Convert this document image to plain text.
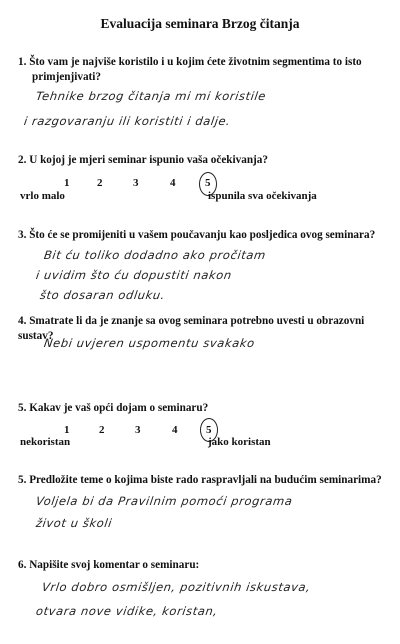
Evaluacija seminara Brzog čitanja
1. Što vam je najviše koristilo i u kojim ćete životnim segmentima to isto
primjenjivati?
Tehnike brzog čitanja mi mi koristile
i razgovaranju ili koristiti i dalje.
2. U kojoj je mjeri seminar ispunio vaša očekivanja?
1	2	3	4	5
vrlo malo	ispunila sva očekivanja
3. Što će se promijeniti u vašem poučavanju kao posljedica ovog seminara?
Bit ću toliko dodadno ako pročitam
i uvidim što ću dopustiti nakon
što dosaran odluku.
4. Smatrate li da je znanje sa ovog seminara potrebno uvesti u obrazovni sustav?
Nebi uvjeren uspomentu svakako
5. Kakav je vaš opći dojam o seminaru?
1	2	3	4	5
nekoristan	jako koristan
5. Predložite teme o kojima biste rado raspravljali na budućim seminarima?
Volјela bi da Pravilnim pomoći programa
život u školi
6. Napišite svoj komentar o seminaru:
Vrlo dobro osmišljen, pozitivnih iskustava,
otvara nove vidike, koristan,
